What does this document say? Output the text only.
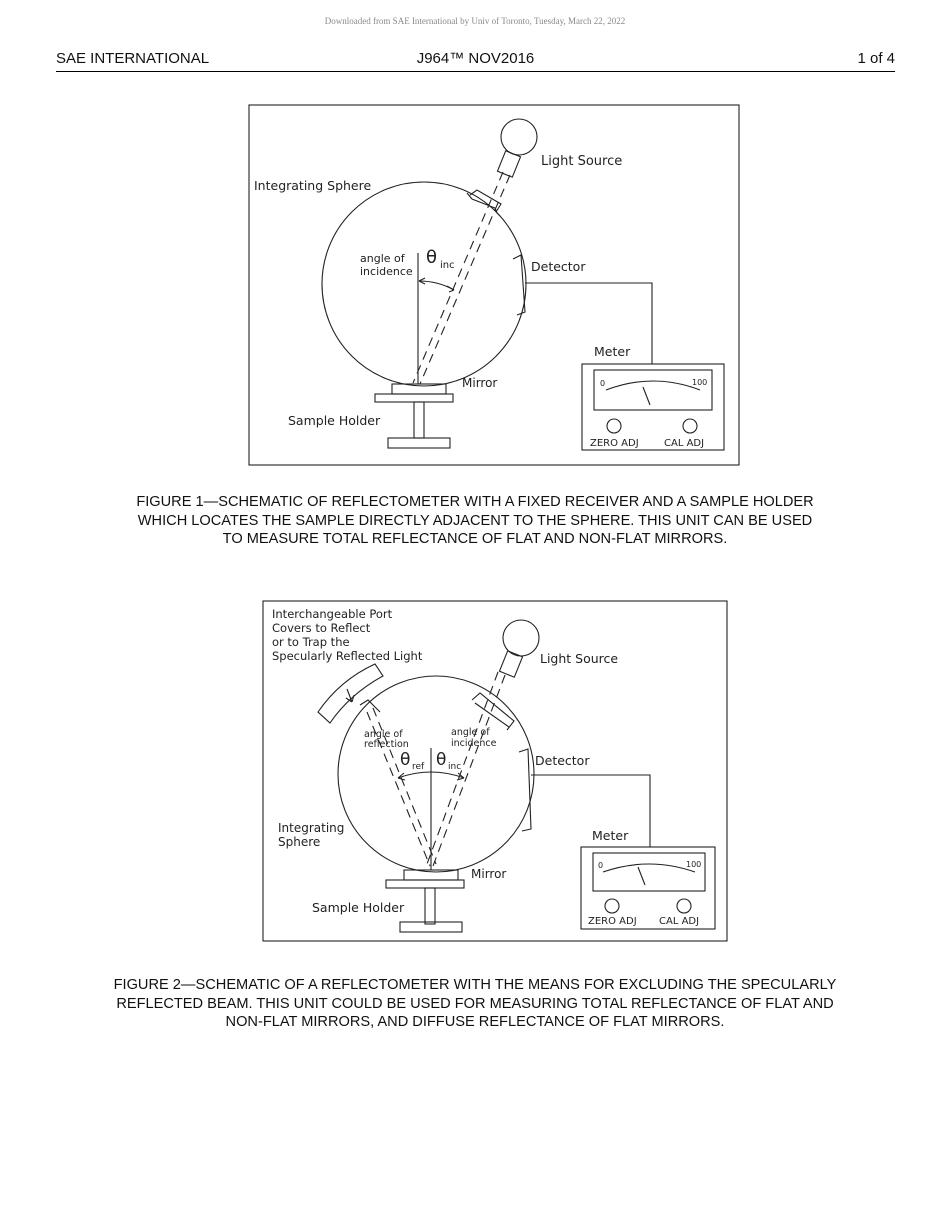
Downloaded from SAE International by Univ of Toronto, Tuesday, March 22, 2022
SAE INTERNATIONAL	J964™ NOV2016	1 of 4
Light Source
Integrating Sphere
angle of
incidence
θ inc	Detector
Meter
0	100
Mirror
Sample Holder
ZERO ADJ	CAL ADJ
FIGURE 1—SCHEMATIC OF REFLECTOMETER WITH A FIXED RECEIVER AND A SAMPLE HOLDER
WHICH LOCATES THE SAMPLE DIRECTLY ADJACENT TO THE SPHERE. THIS UNIT CAN BE USED
TO MEASURE TOTAL REFLECTANCE OF FLAT AND NON-FLAT MIRRORS.
Interchangeable Port
Covers to Reflect
or to Trap the
Specularly Reflected Light	Light Source
angle of
reflection
angle of
incidence
θ ref θ inc	Detector
Integrating
Sphere	Meter
0	100
Mirror
Sample Holder
ZERO ADJ CAL ADJ
FIGURE 2—SCHEMATIC OF A REFLECTOMETER WITH THE MEANS FOR EXCLUDING THE SPECULARLY
REFLECTED BEAM. THIS UNIT COULD BE USED FOR MEASURING TOTAL REFLECTANCE OF FLAT AND
NON-FLAT MIRRORS, AND DIFFUSE REFLECTANCE OF FLAT MIRRORS.
